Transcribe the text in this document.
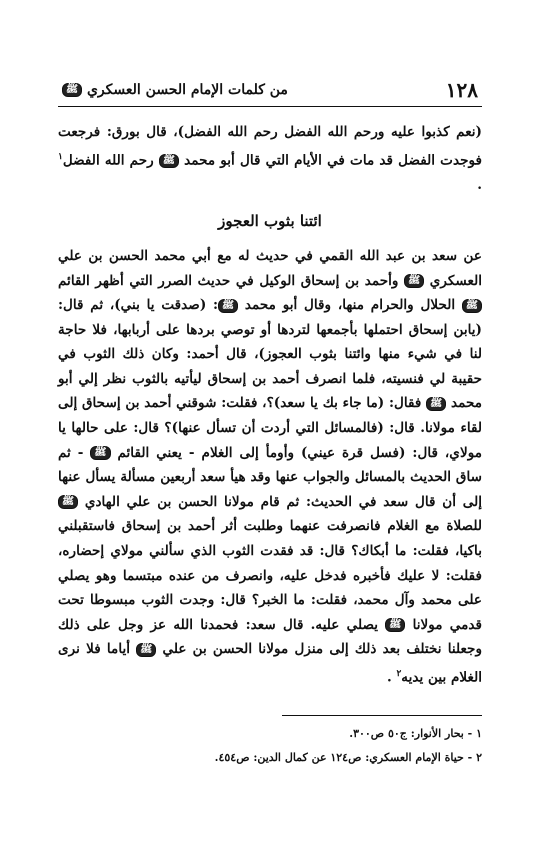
١٢٨
من كلمات الإمام الحسن العسكري ﷺ

(نعم كذبوا عليه ورحم الله الفضل رحم الله الفضل)، قال بورق: فرجعت فوجدت الفضل قد مات في الأيام التي قال أبو محمد ﷺ رحم الله الفضل$^١$ .

ائتنا بثوب العجوز

عن سعد بن عبد الله القمي في حديث له مع أبي محمد الحسن بن علي العسكري ﷺ وأحمد بن إسحاق الوكيل في حديث الصرر التي أظهر القائم ﷺ الحلال والحرام منها، وقال أبو محمد ﷺ: (صدقت يا بني)، ثم قال: (يابن إسحاق احتملها بأجمعها لتردها أو توصي بردها على أربابها، فلا حاجة لنا في شيء منها وائتنا بثوب العجوز)، قال أحمد: وكان ذلك الثوب في حقيبة لي فنسيته، فلما انصرف أحمد بن إسحاق ليأتيه بالثوب نظر إلي أبو محمد ﷺ فقال: (ما جاء بك يا سعد)؟، فقلت: شوقني أحمد بن إسحاق إلى لقاء مولانا. قال: (فالمسائل التي أردت أن تسأل عنها)؟ قال: على حالها يا مولاي، قال: (فسل قرة عيني) وأومأ إلى الغلام - يعني القائم ﷺ - ثم ساق الحديث بالمسائل والجواب عنها وقد هيأ سعد أربعين مسألة يسأل عنها إلى أن قال سعد في الحديث: ثم قام مولانا الحسن بن علي الهادي ﷺ للصلاة مع الغلام فانصرفت عنهما وطلبت أثر أحمد بن إسحاق فاستقبلني باكيا، فقلت: ما أبكاك؟ قال: قد فقدت الثوب الذي سألني مولاي إحضاره، فقلت: لا عليك فأخبره فدخل عليه، وانصرف من عنده مبتسما وهو يصلي على محمد وآل محمد، فقلت: ما الخبر؟ قال: وجدت الثوب مبسوطا تحت قدمي مولانا ﷺ يصلي عليه. قال سعد: فحمدنا الله عز وجل على ذلك وجعلنا نختلف بعد ذلك إلى منزل مولانا الحسن بن علي ﷺ أياما فلا نرى الغلام بين يديه$^٢$ .

١ - بحار الأنوار: ج٥٠ ص٣٠٠.

٢ - حياة الإمام العسكري: ص١٢٤ عن كمال الدين: ص٤٥٤.
